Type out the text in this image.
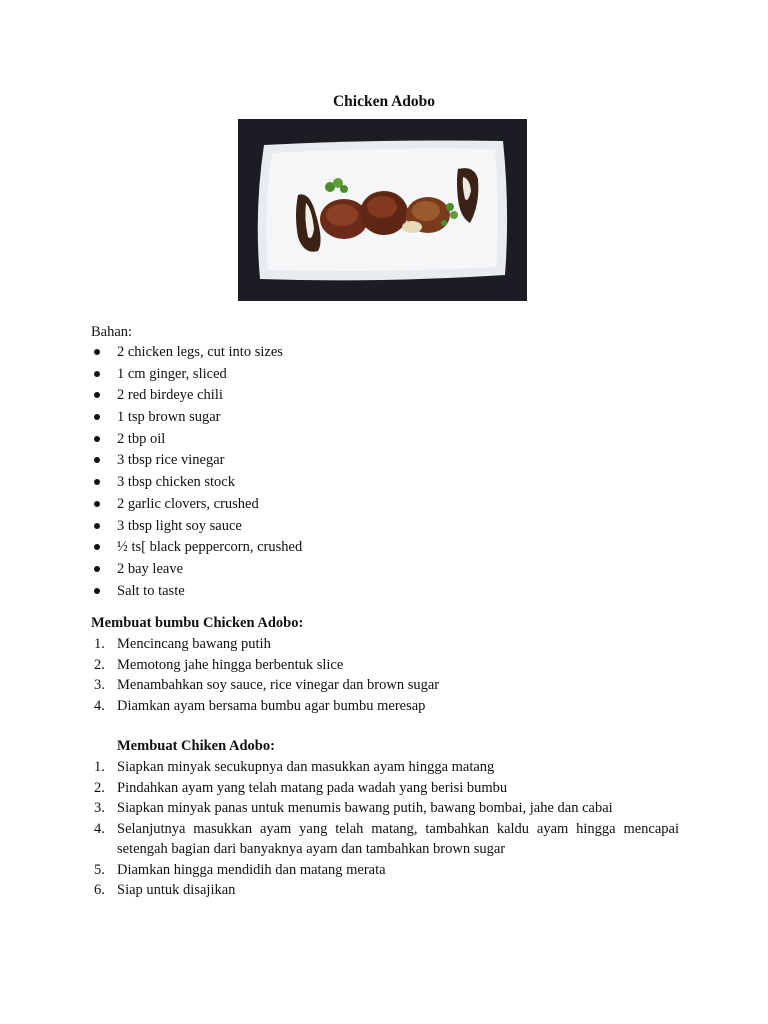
Chicken Adobo
Bahan:
2 chicken legs, cut into sizes
1 cm ginger, sliced
2 red birdeye chili
1 tsp brown sugar
2 tbp oil
3 tbsp rice vinegar
3 tbsp chicken stock
2 garlic clovers, crushed
3 tbsp light soy sauce
½ ts[ black peppercorn, crushed
2 bay leave
Salt to taste
Membuat bumbu Chicken Adobo:
1. Mencincang bawang putih
2. Memotong jahe hingga berbentuk slice
3. Menambahkan soy sauce, rice vinegar dan brown sugar
4. Diamkan ayam bersama bumbu agar bumbu meresap
Membuat Chiken Adobo:
1. Siapkan minyak secukupnya dan masukkan ayam hingga matang
2. Pindahkan ayam yang telah matang pada wadah yang berisi bumbu
3. Siapkan minyak panas untuk menumis bawang putih, bawang bombai, jahe dan cabai
4. Selanjutnya masukkan ayam yang telah matang, tambahkan kaldu ayam hingga mencapai setengah bagian dari banyaknya ayam dan tambahkan brown sugar
5. Diamkan hingga mendidih dan matang merata
6. Siap untuk disajikan
